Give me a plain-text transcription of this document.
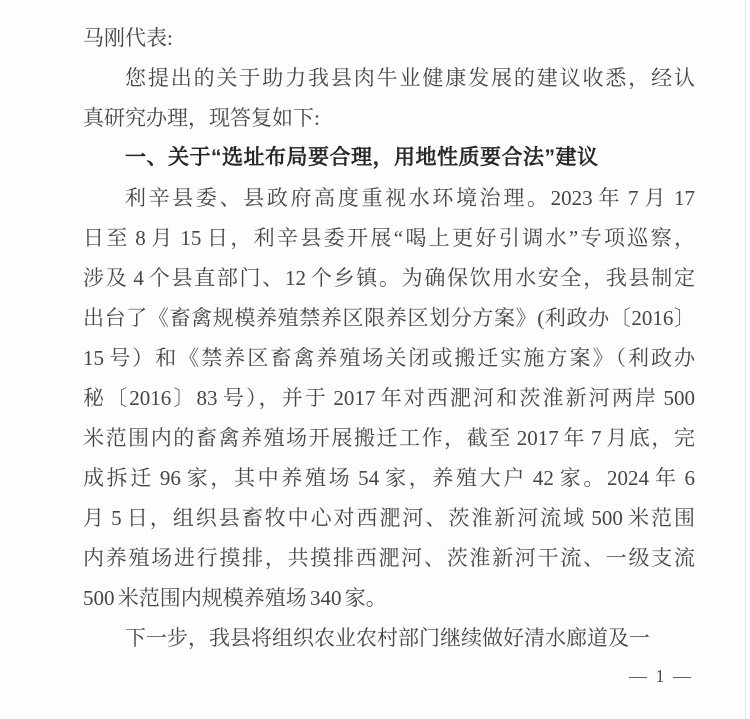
马刚代表:
您提出的关于助力我县肉牛业健康发展的建议收悉，经认
真研究办理，现答复如下:
一、关于“选址布局要合理，用地性质要合法”建议
利辛县委、县政府高度重视水环境治理。2023 年 7 月 17
日至 8 月 15 日，利辛县委开展“喝上更好引调水”专项巡察，
涉及 4 个县直部门、12 个乡镇。为确保饮用水安全，我县制定
出台了《畜禽规模养殖禁养区限养区划分方案》(利政办〔2016〕
15 号）和《禁养区畜禽养殖场关闭或搬迁实施方案》（利政办
秘〔2016〕83 号），并于 2017 年对西淝河和茨淮新河两岸 500
米范围内的畜禽养殖场开展搬迁工作，截至 2017 年 7 月底，完
成拆迁 96 家，其中养殖场 54 家，养殖大户 42 家。2024 年 6
月 5 日，组织县畜牧中心对西淝河、茨淮新河流域 500 米范围
内养殖场进行摸排，共摸排西淝河、茨淮新河干流、一级支流
500 米范围内规模养殖场 340 家。
下一步，我县将组织农业农村部门继续做好清水廊道及一
— 1 —
